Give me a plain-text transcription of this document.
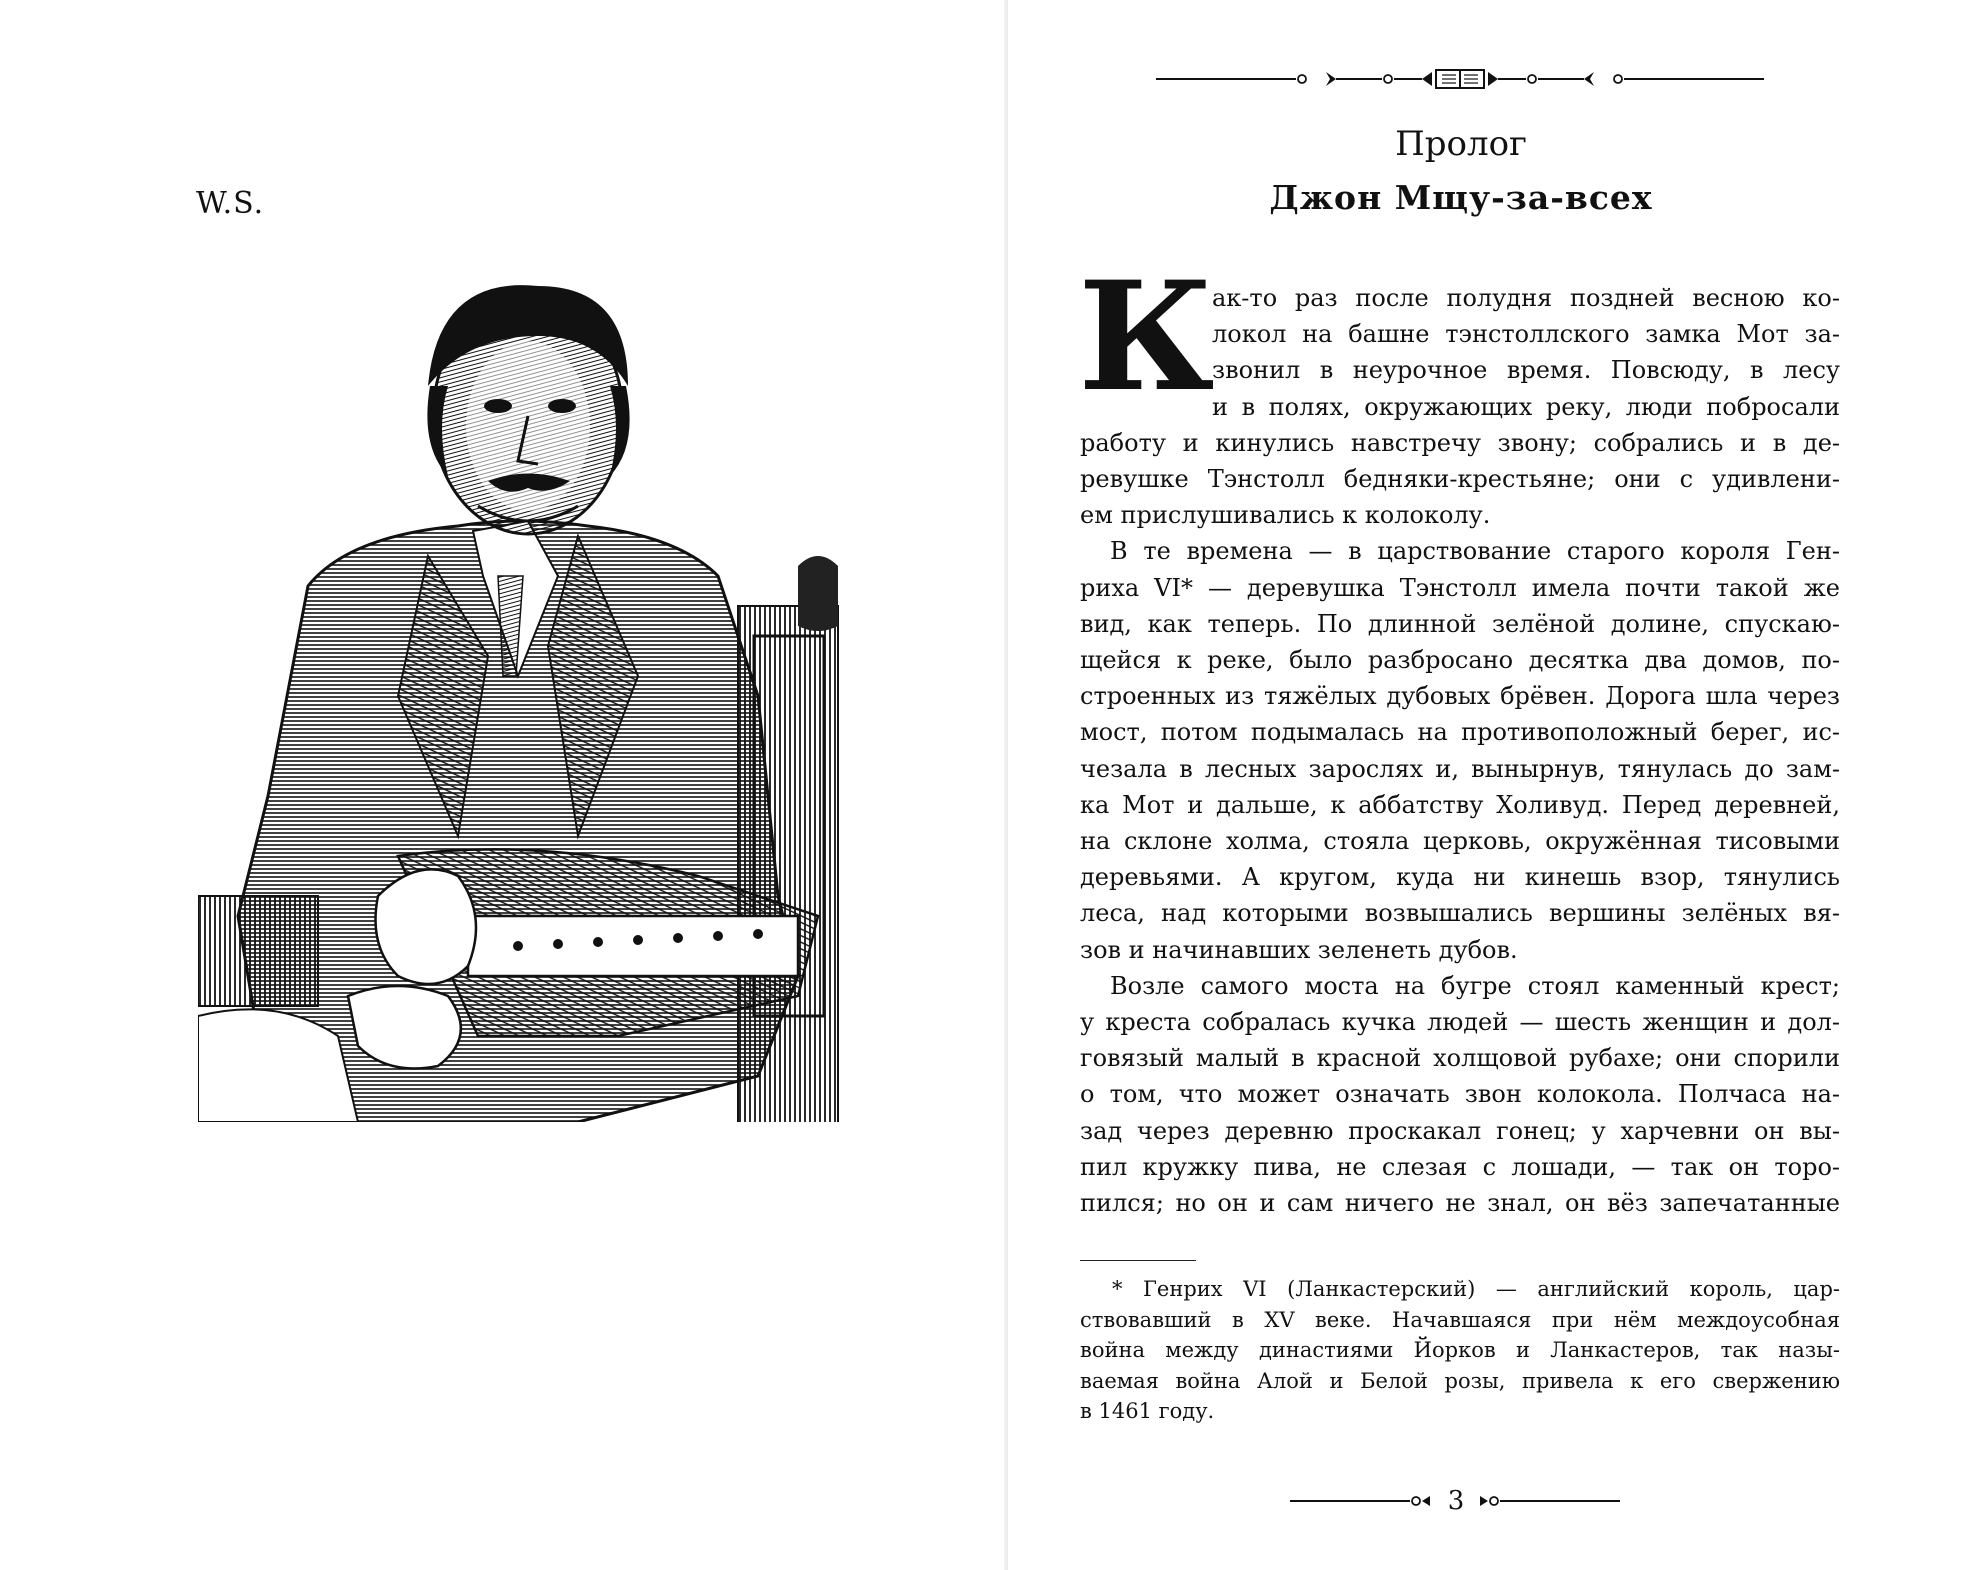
W.S.
Пролог
Джон Мщу-за-всех
К ак-то раз после полудня поздней весною ко-
локол на башне тэнстоллского замка Мот за-
звонил в неурочное время. Повсюду, в лесу
и в полях, окружающих реку, люди побросали
работу и кинулись навстречу звону; собрались и в де-
ревушке Тэнстолл бедняки-крестьяне; они с удивлени-
ем прислушивались к колоколу.
В те времена — в царствование старого короля Ген-
риха VI* — деревушка Тэнстолл имела почти такой же
вид, как теперь. По длинной зелёной долине, спускаю-
щейся к реке, было разбросано десятка два домов, по-
строенных из тяжёлых дубовых брёвен. Дорога шла через
мост, потом подымалась на противоположный берег, ис-
чезала в лесных зарослях и, вынырнув, тянулась до зам-
ка Мот и дальше, к аббатству Холивуд. Перед деревней,
на склоне холма, стояла церковь, окружённая тисовыми
деревьями. А кругом, куда ни кинешь взор, тянулись
леса, над которыми возвышались вершины зелёных вя-
зов и начинавших зеленеть дубов.
Возле самого моста на бугре стоял каменный крест;
у креста собралась кучка людей — шесть женщин и дол-
говязый малый в красной холщовой рубахе; они спорили
о том, что может означать звон колокола. Полчаса на-
зад через деревню проскакал гонец; у харчевни он вы-
пил кружку пива, не слезая с лошади, — так он торо-
пился; но он и сам ничего не знал, он вёз запечатанные
* Генрих VI (Ланкастерский) — английский король, цар-
ствовавший в XV веке. Начавшаяся при нём междоусобная
война между династиями Йорков и Ланкастеров, так назы-
ваемая война Алой и Белой розы, привела к его свержению
в 1461 году.
3
